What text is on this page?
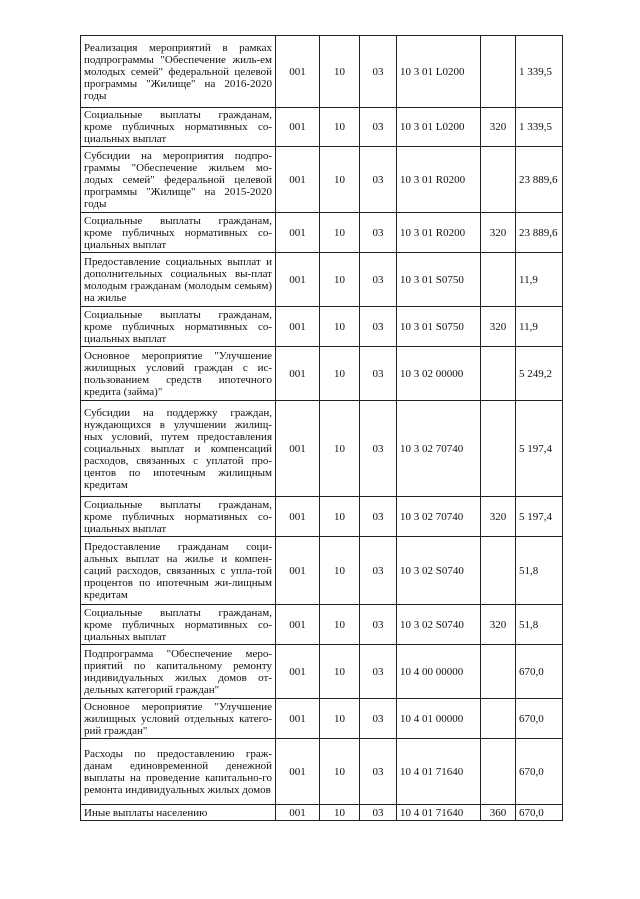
Реализация мероприятий в рамках подпрограммы "Обеспечение жиль-ем молодых семей" федеральной целевой программы "Жилище" на 2016-2020 годы	001	10	03	10 3 01 L0200		1 339,5
Социальные выплаты гражданам, кроме публичных нормативных со-циальных выплат	001	10	03	10 3 01 L0200	320	1 339,5
Субсидии на мероприятия подпро-граммы "Обеспечение жильем мо-лодых семей" федеральной целевой программы "Жилище" на 2015-2020 годы	001	10	03	10 3 01 R0200		23 889,6
Социальные выплаты гражданам, кроме публичных нормативных со-циальных выплат	001	10	03	10 3 01 R0200	320	23 889,6
Предоставление социальных выплат и дополнительных социальных вы-плат молодым гражданам (молодым семьям) на жилье	001	10	03	10 3 01 S0750		11,9
Социальные выплаты гражданам, кроме публичных нормативных со-циальных выплат	001	10	03	10 3 01 S0750	320	11,9
Основное мероприятие "Улучшение жилищных условий граждан с ис-пользованием средств ипотечного кредита (займа)"	001	10	03	10 3 02 00000		5 249,2
Субсидии на поддержку граждан, нуждающихся в улучшении жилищ-ных условий, путем предоставления социальных выплат и компенсаций расходов, связанных с уплатой про-центов по ипотечным жилищным кредитам	001	10	03	10 3 02 70740		5 197,4
Социальные выплаты гражданам, кроме публичных нормативных со-циальных выплат	001	10	03	10 3 02 70740	320	5 197,4
Предоставление гражданам соци-альных выплат на жилье и компен-саций расходов, связанных с упла-той процентов по ипотечным жи-лищным кредитам	001	10	03	10 3 02 S0740		51,8
Социальные выплаты гражданам, кроме публичных нормативных со-циальных выплат	001	10	03	10 3 02 S0740	320	51,8
Подпрограмма "Обеспечение меро-приятий по капитальному ремонту индивидуальных жилых домов от-дельных категорий граждан"	001	10	03	10 4 00 00000		670,0
Основное мероприятие "Улучшение жилищных условий отдельных катего-рий граждан"	001	10	03	10 4 01 00000		670,0
Расходы по предоставлению граж-данам единовременной денежной выплаты на проведение капитально-го ремонта индивидуальных жилых домов	001	10	03	10 4 01 71640		670,0
Иные выплаты населению	001	10	03	10 4 01 71640	360	670,0
